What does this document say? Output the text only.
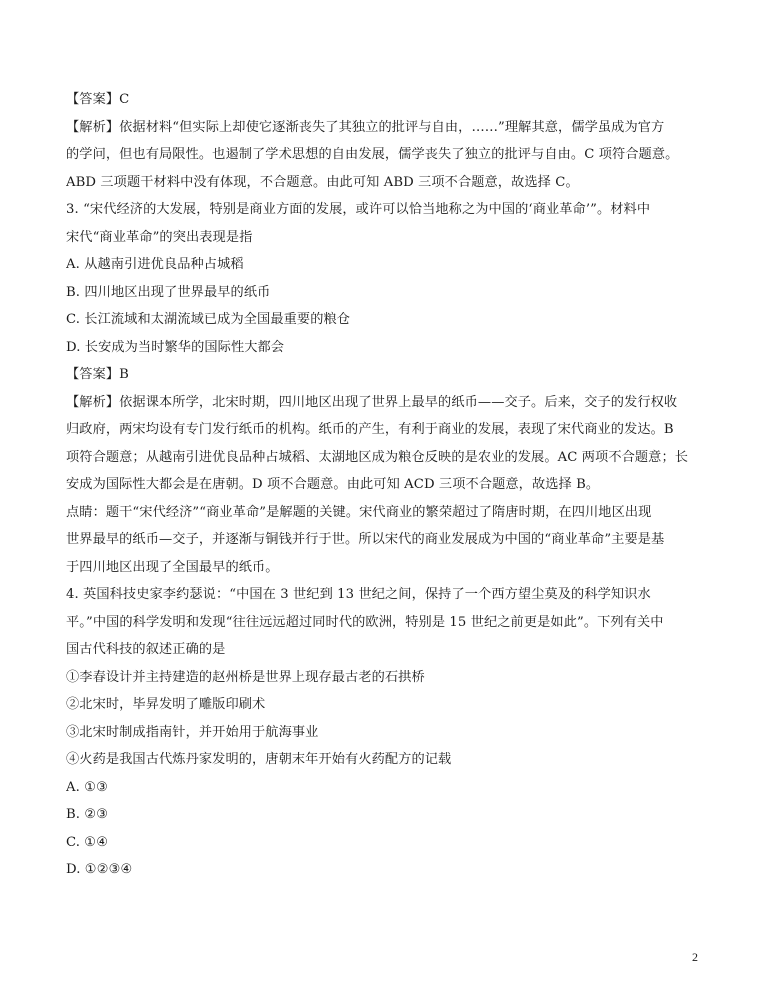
【答案】C
【解析】依据材料“但实际上却使它逐渐丧失了其独立的批评与自由，……”理解其意，儒学虽成为官方
的学问，但也有局限性。也遏制了学术思想的自由发展，儒学丧失了独立的批评与自由。C 项符合题意。
ABD 三项题干材料中没有体现，不合题意。由此可知 ABD 三项不合题意，故选择 C。
3. “宋代经济的大发展，特别是商业方面的发展，或许可以恰当地称之为中国的‘商业革命’”。材料中
宋代“商业革命”的突出表现是指
A. 从越南引进优良品种占城稻
B. 四川地区出现了世界最早的纸币
C. 长江流域和太湖流域已成为全国最重要的粮仓
D. 长安成为当时繁华的国际性大都会
【答案】B
【解析】依据课本所学，北宋时期，四川地区出现了世界上最早的纸币——交子。后来，交子的发行权收
归政府，两宋均设有专门发行纸币的机构。纸币的产生，有利于商业的发展，表现了宋代商业的发达。B
项符合题意；从越南引进优良品种占城稻、太湖地区成为粮仓反映的是农业的发展。AC 两项不合题意；长
安成为国际性大都会是在唐朝。D 项不合题意。由此可知 ACD 三项不合题意，故选择 B。
点睛：题干“宋代经济”“商业革命”是解题的关键。宋代商业的繁荣超过了隋唐时期，在四川地区出现
世界最早的纸币—交子，并逐渐与铜钱并行于世。所以宋代的商业发展成为中国的“商业革命”主要是基
于四川地区出现了全国最早的纸币。
4. 英国科技史家李约瑟说：“中国在 3 世纪到 13 世纪之间，保持了一个西方望尘莫及的科学知识水
平。”中国的科学发明和发现“往往远远超过同时代的欧洲，特别是 15 世纪之前更是如此”。下列有关中
国古代科技的叙述正确的是
①李春设计并主持建造的赵州桥是世界上现存最古老的石拱桥
②北宋时，毕昇发明了雕版印刷术
③北宋时制成指南针，并开始用于航海事业
④火药是我国古代炼丹家发明的，唐朝末年开始有火药配方的记载
A. ①③
B. ②③
C. ①④
D. ①②③④
2
